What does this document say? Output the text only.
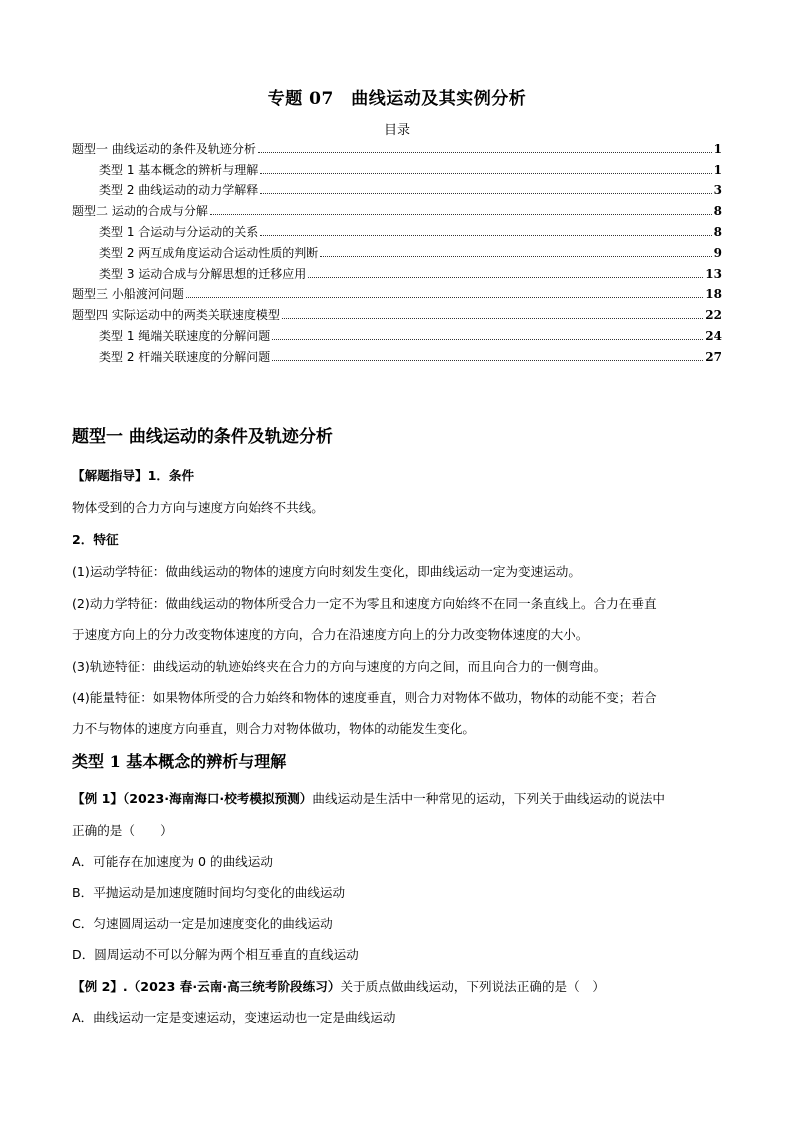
专题 07　曲线运动及其实例分析
目录
题型一 曲线运动的条件及轨迹分析	1
类型 1 基本概念的辨析与理解	1
类型 2 曲线运动的动力学解释	3
题型二 运动的合成与分解	8
类型 1 合运动与分运动的关系	8
类型 2 两互成角度运动合运动性质的判断	9
类型 3 运动合成与分解思想的迁移应用	13
题型三 小船渡河问题	18
题型四 实际运动中的两类关联速度模型	22
类型 1 绳端关联速度的分解问题	24
类型 2 杆端关联速度的分解问题	27
题型一 曲线运动的条件及轨迹分析
【解题指导】1．条件
物体受到的合力方向与速度方向始终不共线。
2．特征
(1)运动学特征：做曲线运动的物体的速度方向时刻发生变化，即曲线运动一定为变速运动。
(2)动力学特征：做曲线运动的物体所受合力一定不为零且和速度方向始终不在同一条直线上。合力在垂直
于速度方向上的分力改变物体速度的方向，合力在沿速度方向上的分力改变物体速度的大小。
(3)轨迹特征：曲线运动的轨迹始终夹在合力的方向与速度的方向之间，而且向合力的一侧弯曲。
(4)能量特征：如果物体所受的合力始终和物体的速度垂直，则合力对物体不做功，物体的动能不变；若合
力不与物体的速度方向垂直，则合力对物体做功，物体的动能发生变化。
类型 1 基本概念的辨析与理解
【例 1】（2023·海南海口·校考模拟预测）曲线运动是生活中一种常见的运动，下列关于曲线运动的说法中
正确的是（　　）
A．可能存在加速度为 0 的曲线运动
B．平抛运动是加速度随时间均匀变化的曲线运动
C．匀速圆周运动一定是加速度变化的曲线运动
D．圆周运动不可以分解为两个相互垂直的直线运动
【例 2】.（2023 春·云南·高三统考阶段练习）关于质点做曲线运动，下列说法正确的是（　）
A．曲线运动一定是变速运动，变速运动也一定是曲线运动
